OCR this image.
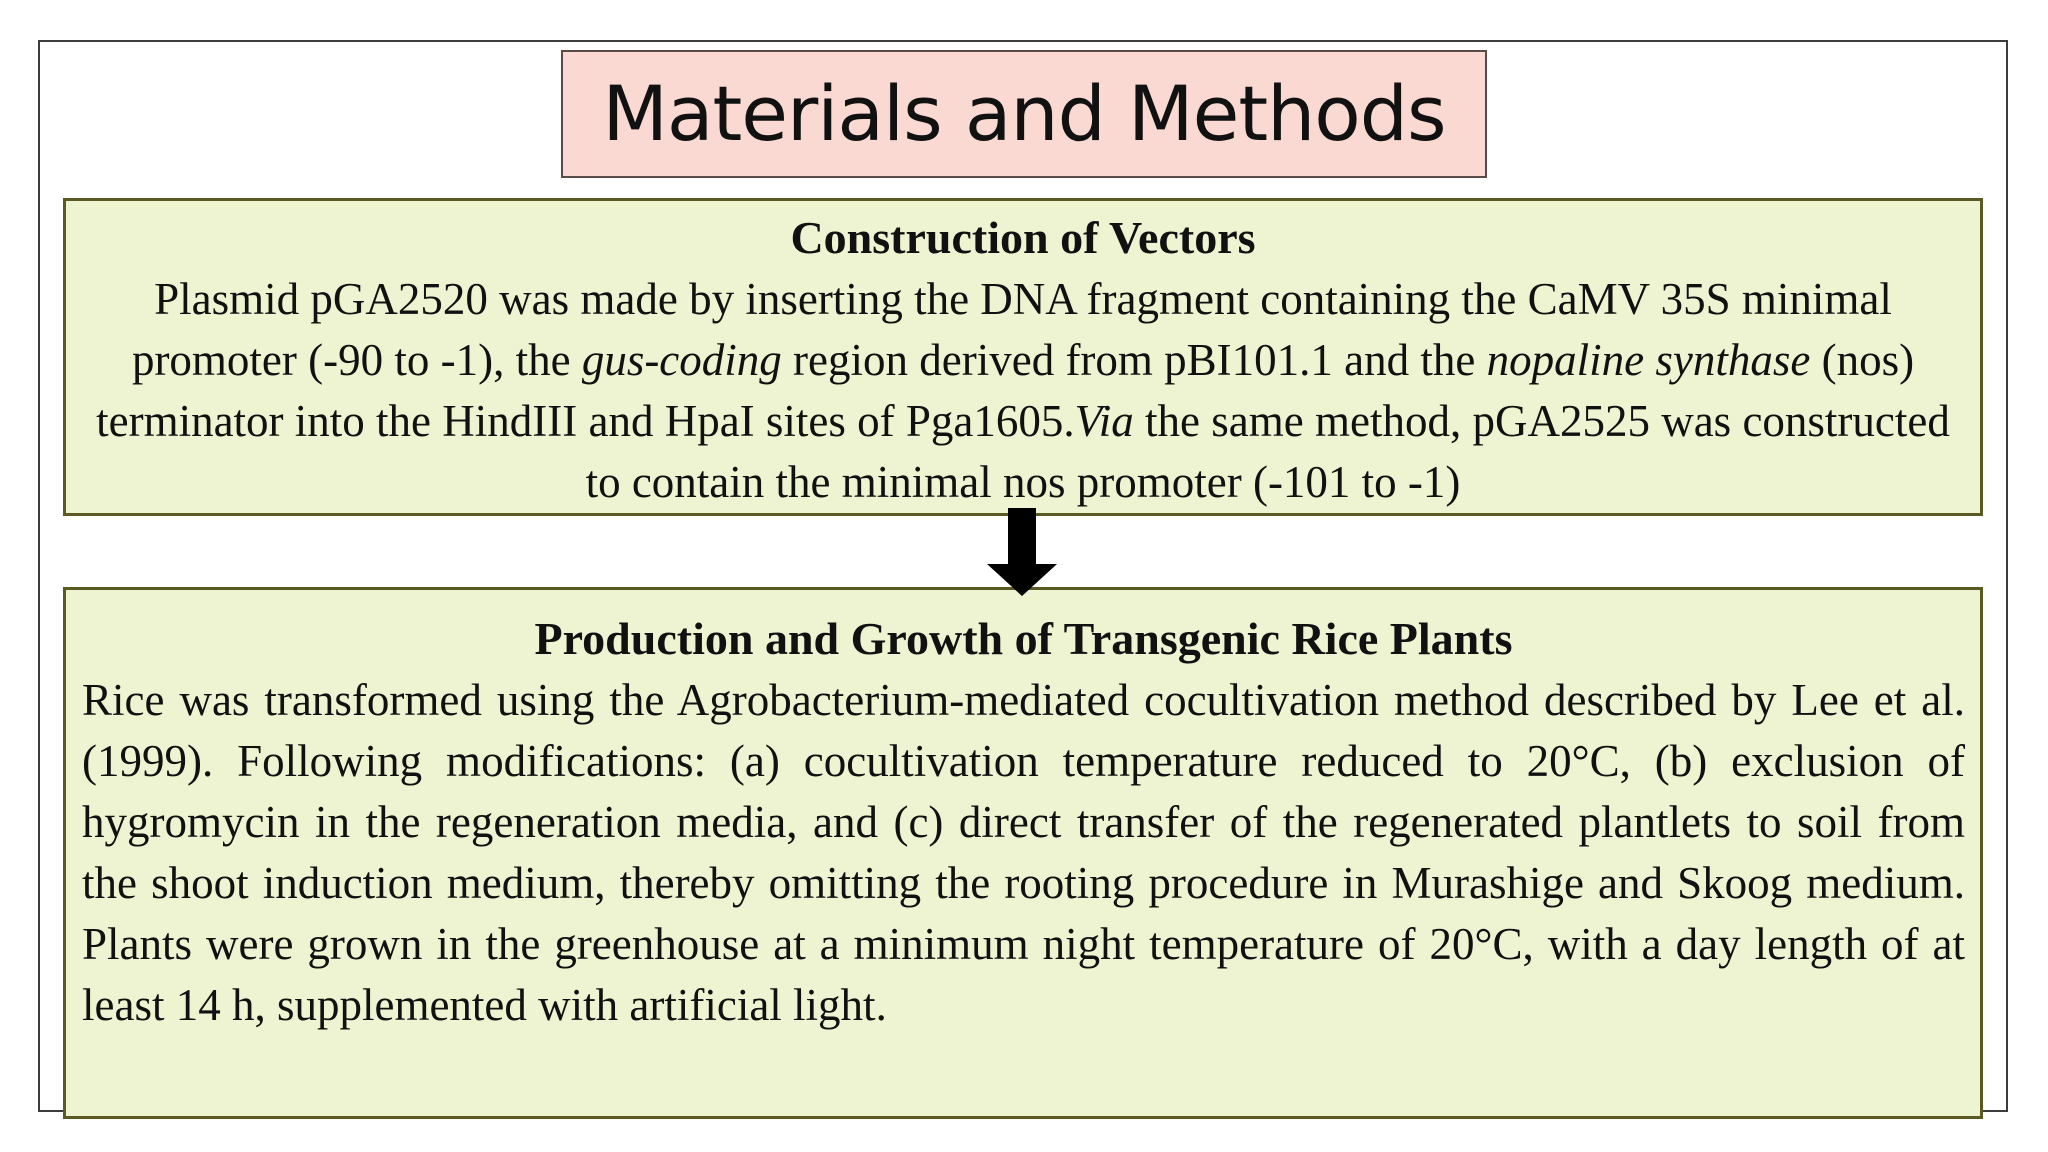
Materials and Methods
Construction of Vectors
Plasmid pGA2520 was made by inserting the DNA fragment containing the CaMV 35S minimal promoter (-90 to -1), the gus-coding region derived from pBI101.1 and the nopaline synthase (nos) terminator into the HindIII and HpaI sites of Pga1605.Via the same method, pGA2525 was constructed to contain the minimal nos promoter (-101 to -1)
Production and Growth of Transgenic Rice Plants
Rice was transformed using the Agrobacterium-mediated cocultivation method described by Lee et al. (1999). Following modifications: (a) cocultivation temperature reduced to 20°C, (b) exclusion of hygromycin in the regeneration media, and (c) direct transfer of the regenerated plantlets to soil from the shoot induction medium, thereby omitting the rooting procedure in Murashige and Skoog medium. Plants were grown in the greenhouse at a minimum night temperature of 20°C, with a day length of at least 14 h, supplemented with artificial light.
